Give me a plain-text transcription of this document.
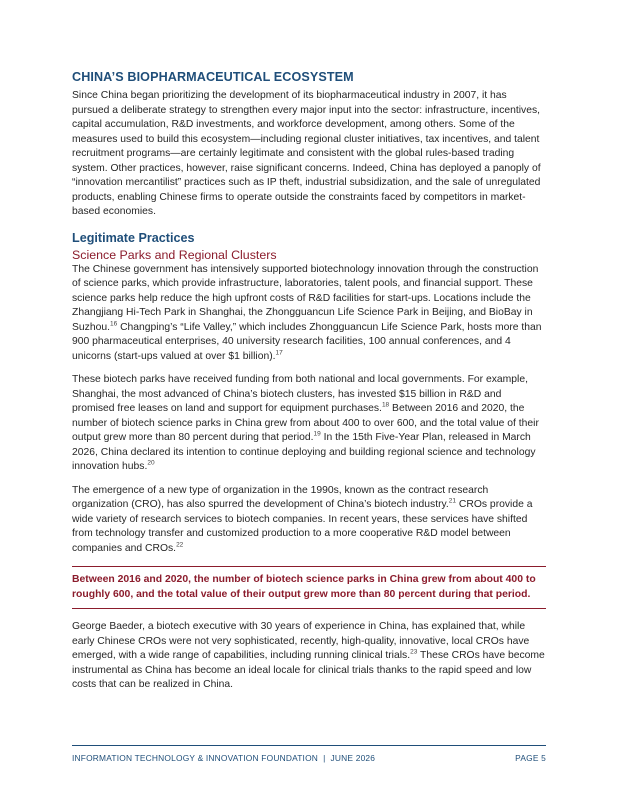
CHINA’S BIOPHARMACEUTICAL ECOSYSTEM

Since China began prioritizing the development of its biopharmaceutical industry in 2007, it has pursued a deliberate strategy to strengthen every major input into the sector: infrastructure, incentives, capital accumulation, R&D investments, and workforce development, among others. Some of the measures used to build this ecosystem—including regional cluster initiatives, tax incentives, and talent recruitment programs—are certainly legitimate and consistent with the global rules-based trading system. Other practices, however, raise significant concerns. Indeed, China has deployed a panoply of “innovation mercantilist” practices such as IP theft, industrial subsidization, and the sale of unregulated products, enabling Chinese firms to operate outside the constraints faced by competitors in market-based economies.

Legitimate Practices
Science Parks and Regional Clusters

The Chinese government has intensively supported biotechnology innovation through the construction of science parks, which provide infrastructure, laboratories, talent pools, and financial support. These science parks help reduce the high upfront costs of R&D facilities for start-ups. Locations include the Zhangjiang Hi-Tech Park in Shanghai, the Zhongguancun Life Science Park in Beijing, and BioBay in Suzhou.$^{16}$ Changping’s “Life Valley,” which includes Zhongguancun Life Science Park, hosts more than 900 pharmaceutical enterprises, 40 university research facilities, 100 annual conferences, and 4 unicorns (start-ups valued at over $1 billion).$^{17}$

These biotech parks have received funding from both national and local governments. For example, Shanghai, the most advanced of China’s biotech clusters, has invested $15 billion in R&D and promised free leases on land and support for equipment purchases.$^{18}$ Between 2016 and 2020, the number of biotech science parks in China grew from about 400 to over 600, and the total value of their output grew more than 80 percent during that period.$^{19}$ In the 15th Five-Year Plan, released in March 2026, China declared its intention to continue deploying and building regional science and technology innovation hubs.$^{20}$

The emergence of a new type of organization in the 1990s, known as the contract research organization (CRO), has also spurred the development of China’s biotech industry.$^{21}$ CROs provide a wide variety of research services to biotech companies. In recent years, these services have shifted from technology transfer and customized production to a more cooperative R&D model between companies and CROs.$^{22}$

Between 2016 and 2020, the number of biotech science parks in China grew from about 400 to roughly 600, and the total value of their output grew more than 80 percent during that period.

George Baeder, a biotech executive with 30 years of experience in China, has explained that, while early Chinese CROs were not very sophisticated, recently, high-quality, innovative, local CROs have emerged, with a wide range of capabilities, including running clinical trials.$^{23}$ These CROs have become instrumental as China has become an ideal locale for clinical trials thanks to the rapid speed and low costs that can be realized in China.

INFORMATION TECHNOLOGY & INNOVATION FOUNDATION  |  JUNE 2026	PAGE 5
